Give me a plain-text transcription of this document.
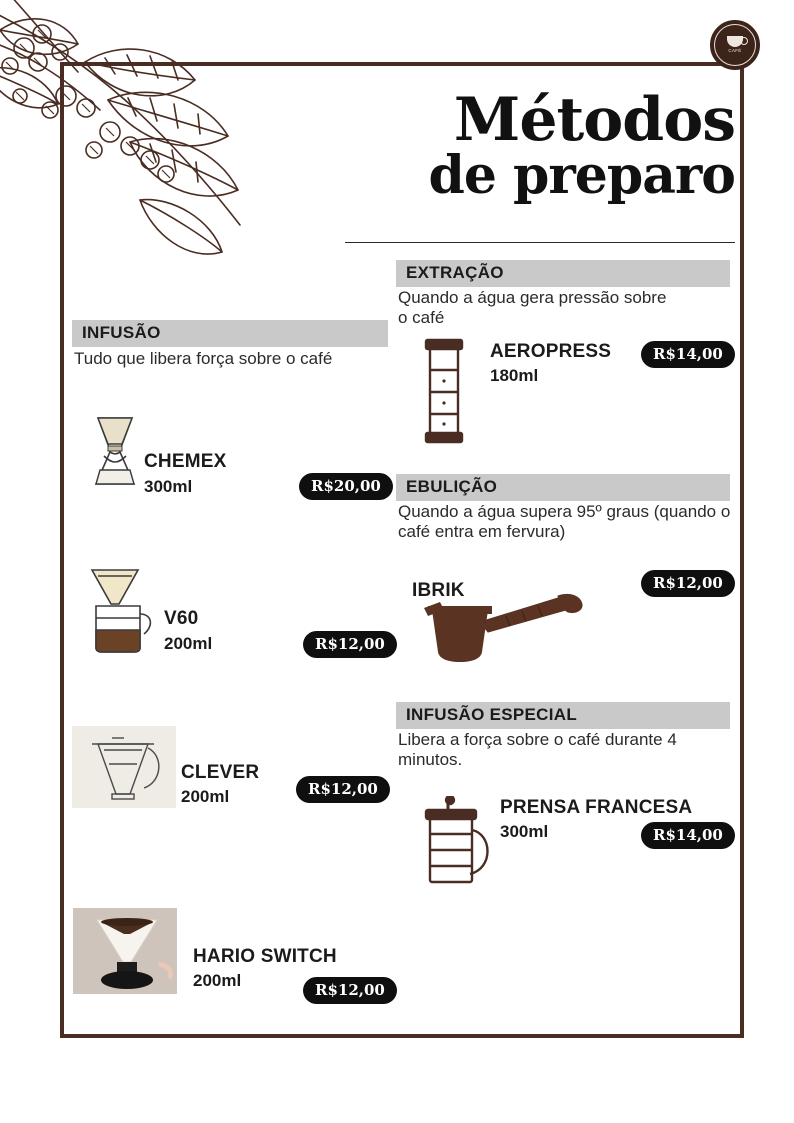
CAFÉ
Métodos
de preparo
EXTRAÇÃO
Quando a água gera pressão sobre o café
AEROPRESS
180ml
R$14,00
INFUSÃO
Tudo que libera força sobre o café
CHEMEX
300ml	R$20,00
V60
200ml	R$12,00
CLEVER
200ml	R$12,00
HARIO SWITCH
200ml	R$12,00
EBULIÇÃO
Quando a água supera 95º graus (quando o café entra em fervura)
IBRIK	R$12,00
INFUSÃO ESPECIAL
Libera a força sobre o café durante 4 minutos.
PRENSA FRANCESA
300ml	R$14,00
